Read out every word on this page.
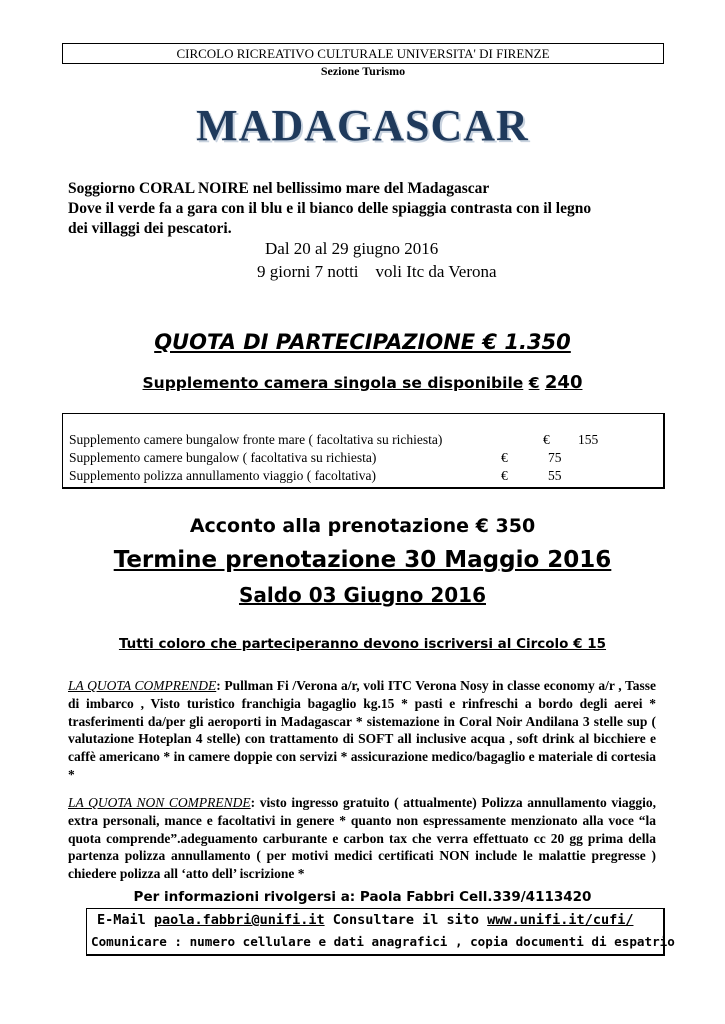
CIRCOLO RICREATIVO CULTURALE UNIVERSITA' DI FIRENZE
Sezione Turismo
MADAGASCAR
Soggiorno CORAL NOIRE nel bellissimo mare del Madagascar
Dove il verde fa a gara con il blu e il bianco delle spiaggia contrasta con il legno
dei villaggi dei pescatori.
Dal 20 al 29 giugno 2016
9 giorni 7 notti    voli Itc da Verona
QUOTA DI PARTECIPAZIONE € 1.350
Supplemento camera singola se disponibile € 240
Supplemento camere bungalow fronte mare ( facoltativa su richiesta)	€ 155
Supplemento camere bungalow ( facoltativa su richiesta)	€	75
Supplemento polizza annullamento viaggio ( facoltativa)	€	55
Acconto alla prenotazione € 350
Termine prenotazione 30 Maggio 2016
Saldo 03 Giugno 2016
Tutti coloro che parteciperanno devono iscriversi al Circolo € 15
LA QUOTA COMPRENDE: Pullman Fi /Verona a/r, voli ITC Verona Nosy in classe economy a/r , Tasse di imbarco , Visto turistico franchigia bagaglio kg.15 * pasti e rinfreschi a bordo degli aerei * trasferimenti da/per gli aeroporti in Madagascar * sistemazione in Coral Noir Andilana 3 stelle sup ( valutazione Hoteplan 4 stelle) con trattamento di SOFT all inclusive acqua , soft drink al bicchiere e caffè americano * in camere doppie con servizi * assicurazione medico/bagaglio e materiale di cortesia *
LA QUOTA NON COMPRENDE: visto ingresso gratuito ( attualmente) Polizza annullamento viaggio, extra personali, mance e facoltativi in genere * quanto non espressamente menzionato alla voce “la quota comprende”.adeguamento carburante e carbon tax che verra effettuato cc 20 gg prima della partenza polizza annullamento ( per motivi medici certificati NON include le malattie pregresse ) chiedere polizza all ‘atto dell’ iscrizione *
Per informazioni rivolgersi a: Paola Fabbri Cell.339/4113420
E-Mail paola.fabbri@unifi.it Consultare il sito www.unifi.it/cufi/
Comunicare : numero cellulare e dati anagrafici , copia documenti di espatrio
